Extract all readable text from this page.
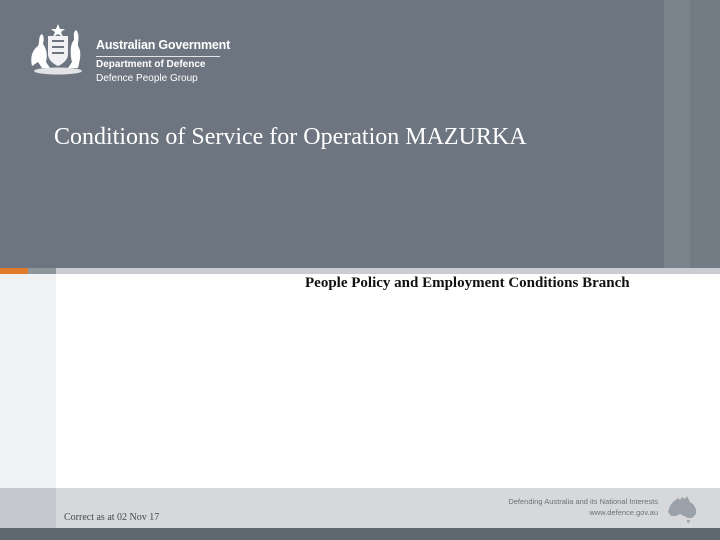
Australian Government
Department of Defence
Defence People Group
Conditions of Service for Operation MAZURKA
People Policy and Employment Conditions Branch
Correct as at 02 Nov 17
Defending Australia and its National Interests
www.defence.gov.au
